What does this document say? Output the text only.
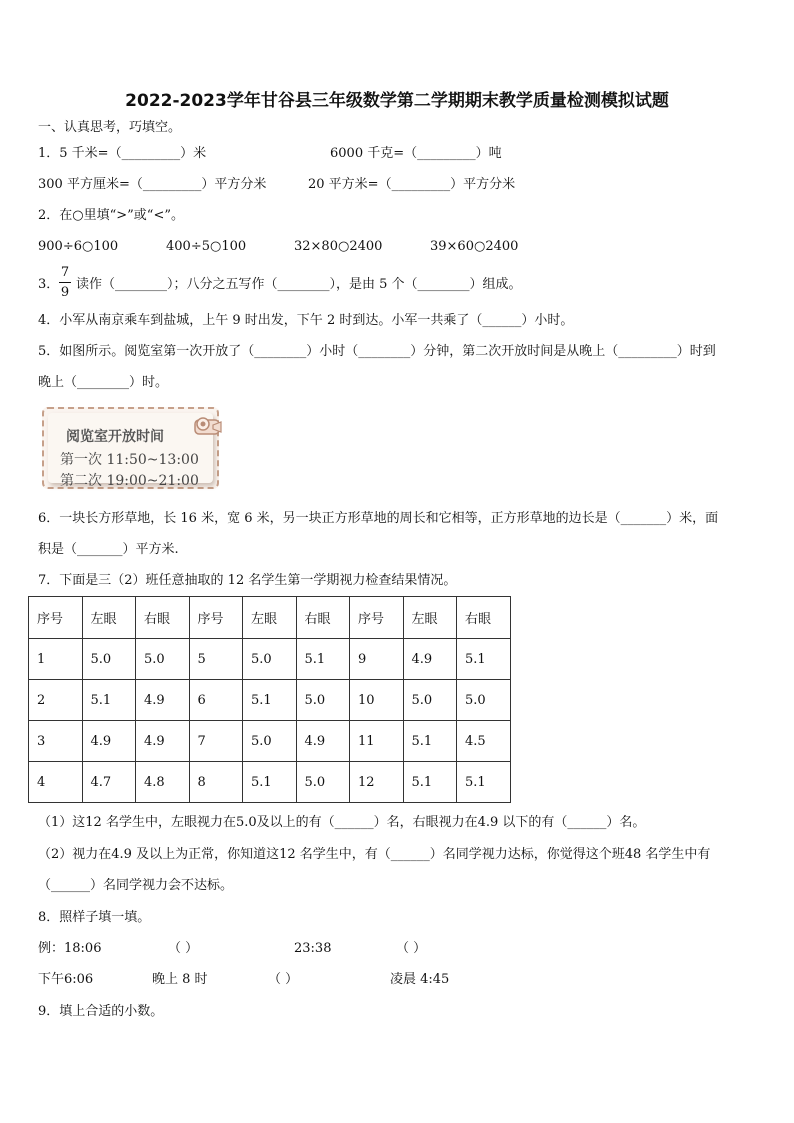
2022-2023学年甘谷县三年级数学第二学期期末教学质量检测模拟试题
一、认真思考，巧填空。
1．5 千米=（_________）米	6000 千克=（_________）吨
300 平方厘米=（_________）平方分米	20 平方米=（_________）平方分米
2．在○里填“>”或“<”。
900÷6○100	400÷5○100	32×80○2400	39×60○2400
3．
7
9
读作（________）；八分之五写作（________），是由 5 个（________）组成。
4．小军从南京乘车到盐城，上午 9 时出发，下午 2 时到达。小军一共乘了（______）小时。
5．如图所示。阅览室第一次开放了（________）小时（________）分钟，第二次开放时间是从晚上（_________）时到
晚上（________）时。
阅览室开放时间
第一次 11:50~13:00
第二次 19:00~21:00
6．一块长方形草地，长 16 米，宽 6 米，另一块正方形草地的周长和它相等，正方形草地的边长是（_______）米，面
积是（_______）平方米.
7．下面是三（2）班任意抽取的 12 名学生第一学期视力检查结果情况。
序号	左眼	右眼	序号	左眼	右眼	序号	左眼	右眼
1	5.0	5.0	5	5.0	5.1	9	4.9	5.1
2	5.1	4.9	6	5.1	5.0	10	5.0	5.0
3	4.9	4.9	7	5.0	4.9	11	5.1	4.5
4	4.7	4.8	8	5.1	5.0	12	5.1	5.1
（1）这12 名学生中，左眼视力在5.0及以上的有（______）名，右眼视力在4.9 以下的有（______）名。
（2）视力在4.9 及以上为正常，你知道这12 名学生中，有（______）名同学视力达标，你觉得这个班48 名学生中有
（______）名同学视力会不达标。
8．照样子填一填。
例：18:06	（ ）	23:38	（ ）
下午6:06	晚上 8 时	（ ）	凌晨 4:45
9．填上合适的小数。
